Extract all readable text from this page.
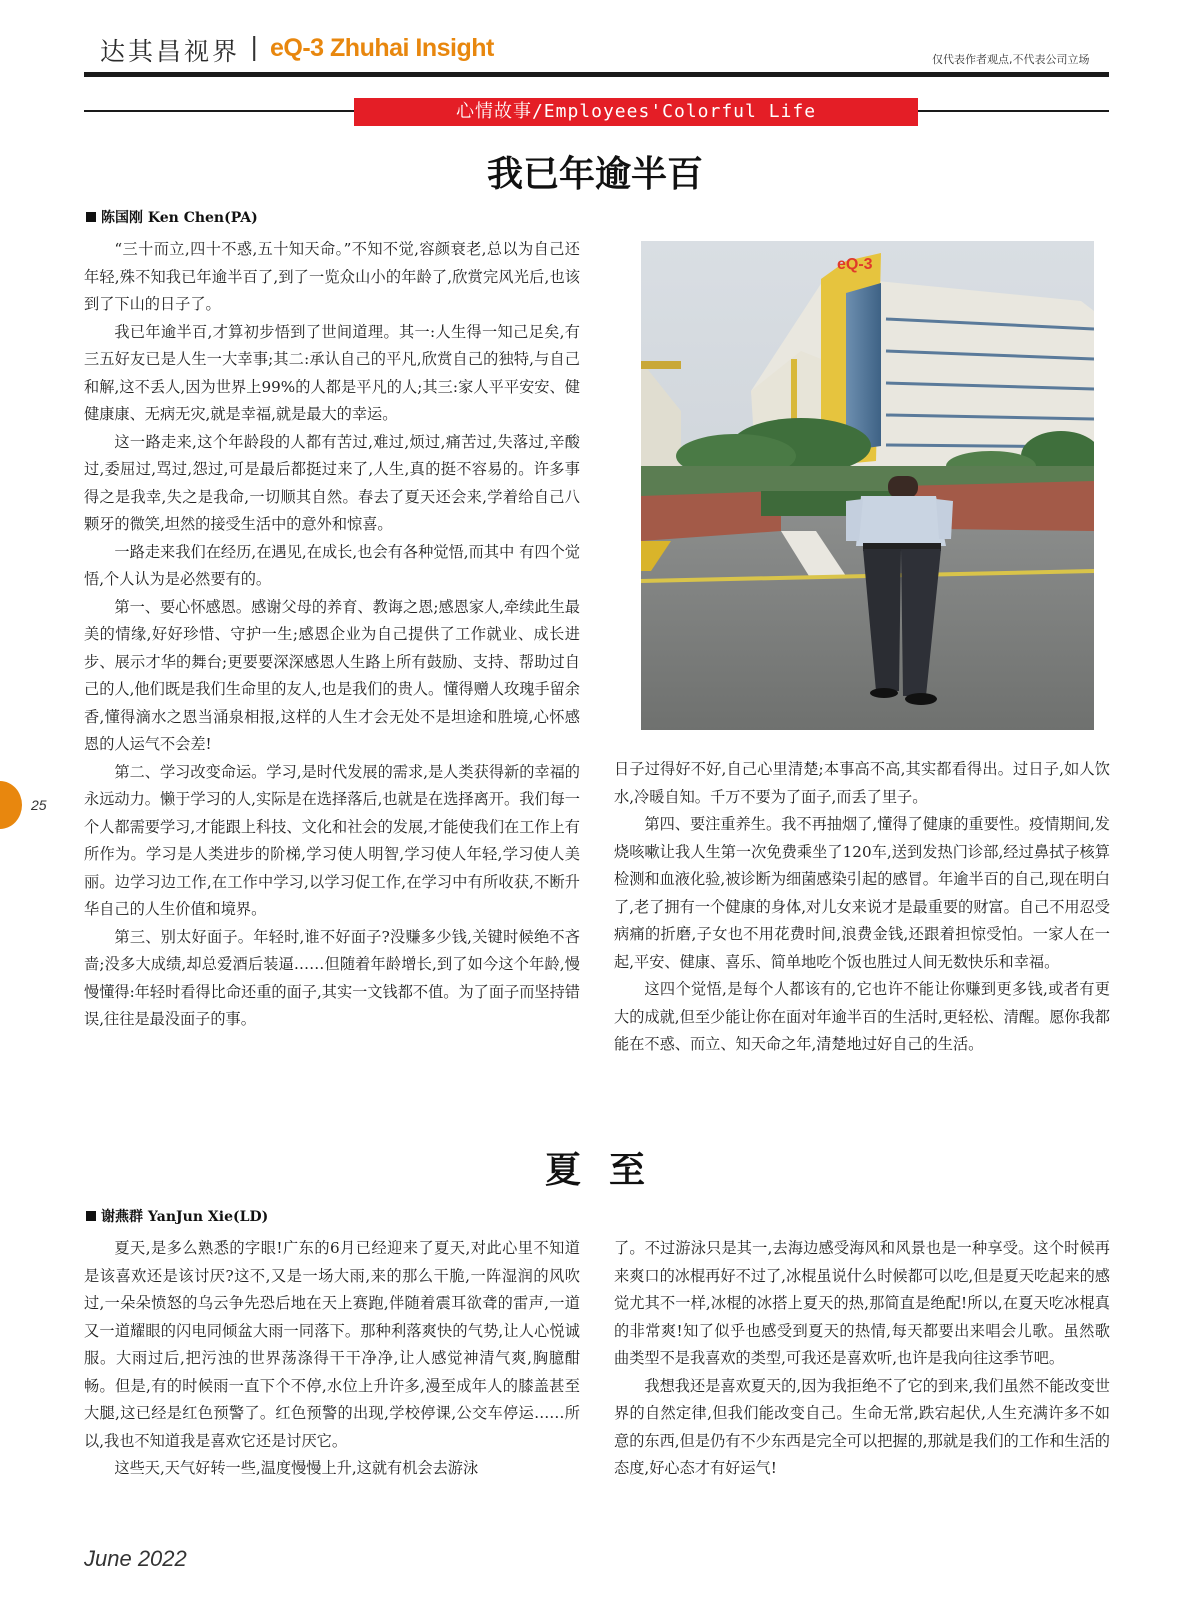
达其昌视界 | eQ-3 Zhuhai Insight	仅代表作者观点,不代表公司立场
心情故事/Employees'Colorful Life
我已年逾半百
陈国刚 Ken Chen(PA)

“三十而立,四十不惑,五十知天命。”不知不觉,容颜衰老,总以为自己还年轻,殊不知我已年逾半百了,到了一览众山小的年龄了,欣赏完风光后,也该到了下山的日子了。

我已年逾半百,才算初步悟到了世间道理。其一:人生得一知己足矣,有三五好友已是人生一大幸事;其二:承认自己的平凡,欣赏自己的独特,与自己和解,这不丢人,因为世界上99%的人都是平凡的人;其三:家人平平安安、健健康康、无病无灾,就是幸福,就是最大的幸运。

这一路走来,这个年龄段的人都有苦过,难过,烦过,痛苦过,失落过,辛酸过,委屈过,骂过,怨过,可是最后都挺过来了,人生,真的挺不容易的。许多事得之是我幸,失之是我命,一切顺其自然。春去了夏天还会来,学着给自己八颗牙的微笑,坦然的接受生活中的意外和惊喜。

一路走来我们在经历,在遇见,在成长,也会有各种觉悟,而其中 有四个觉悟,个人认为是必然要有的。

第一、要心怀感恩。感谢父母的养育、教诲之恩;感恩家人,牵续此生最美的情缘,好好珍惜、守护一生;感恩企业为自己提供了工作就业、成长进步、展示才华的舞台;更要要深深感恩人生路上所有鼓励、支持、帮助过自己的人,他们既是我们生命里的友人,也是我们的贵人。懂得赠人玫瑰手留余香,懂得滴水之恩当涌泉相报,这样的人生才会无处不是坦途和胜境,心怀感恩的人运气不会差!

第二、学习改变命运。学习,是时代发展的需求,是人类获得新的幸福的永远动力。懒于学习的人,实际是在选择落后,也就是在选择离开。我们每一个人都需要学习,才能跟上科技、文化和社会的发展,才能使我们在工作上有所作为。学习是人类进步的阶梯,学习使人明智,学习使人年轻,学习使人美丽。边学习边工作,在工作中学习,以学习促工作,在学习中有所收获,不断升华自己的人生价值和境界。

第三、别太好面子。年轻时,谁不好面子?没赚多少钱,关键时候绝不吝啬;没多大成绩,却总爱酒后装逼……但随着年龄增长,到了如今这个年龄,慢慢懂得:年轻时看得比命还重的面子,其实一文钱都不值。为了面子而坚持错误,往往是最没面子的事。

eQ-3

日子过得好不好,自己心里清楚;本事高不高,其实都看得出。过日子,如人饮水,冷暖自知。千万不要为了面子,而丢了里子。

第四、要注重养生。我不再抽烟了,懂得了健康的重要性。疫情期间,发烧咳嗽让我人生第一次免费乘坐了120车,送到发热门诊部,经过鼻拭子核算检测和血液化验,被诊断为细菌感染引起的感冒。年逾半百的自己,现在明白了,老了拥有一个健康的身体,对儿女来说才是最重要的财富。自己不用忍受病痛的折磨,子女也不用花费时间,浪费金钱,还跟着担惊受怕。一家人在一起,平安、健康、喜乐、简单地吃个饭也胜过人间无数快乐和幸福。

这四个觉悟,是每个人都该有的,它也许不能让你赚到更多钱,或者有更大的成就,但至少能让你在面对年逾半百的生活时,更轻松、清醒。愿你我都能在不惑、而立、知天命之年,清楚地过好自己的生活。

夏至
谢燕群 YanJun Xie(LD)

夏天,是多么熟悉的字眼!广东的6月已经迎来了夏天,对此心里不知道是该喜欢还是该讨厌?这不,又是一场大雨,来的那么干脆,一阵湿润的风吹过,一朵朵愤怒的乌云争先恐后地在天上赛跑,伴随着震耳欲聋的雷声,一道又一道耀眼的闪电同倾盆大雨一同落下。那种利落爽快的气势,让人心悦诚服。大雨过后,把污浊的世界荡涤得干干净净,让人感觉神清气爽,胸臆酣畅。但是,有的时候雨一直下个不停,水位上升许多,漫至成年人的膝盖甚至大腿,这已经是红色预警了。红色预警的出现,学校停课,公交车停运……所以,我也不知道我是喜欢它还是讨厌它。

这些天,天气好转一些,温度慢慢上升,这就有机会去游泳

了。不过游泳只是其一,去海边感受海风和风景也是一种享受。这个时候再来爽口的冰棍再好不过了,冰棍虽说什么时候都可以吃,但是夏天吃起来的感觉尤其不一样,冰棍的冰搭上夏天的热,那简直是绝配!所以,在夏天吃冰棍真的非常爽!知了似乎也感受到夏天的热情,每天都要出来唱会儿歌。虽然歌曲类型不是我喜欢的类型,可我还是喜欢听,也许是我向往这季节吧。

我想我还是喜欢夏天的,因为我拒绝不了它的到来,我们虽然不能改变世界的自然定律,但我们能改变自己。生命无常,跌宕起伏,人生充满许多不如意的东西,但是仍有不少东西是完全可以把握的,那就是我们的工作和生活的态度,好心态才有好运气!

25
June 2022
